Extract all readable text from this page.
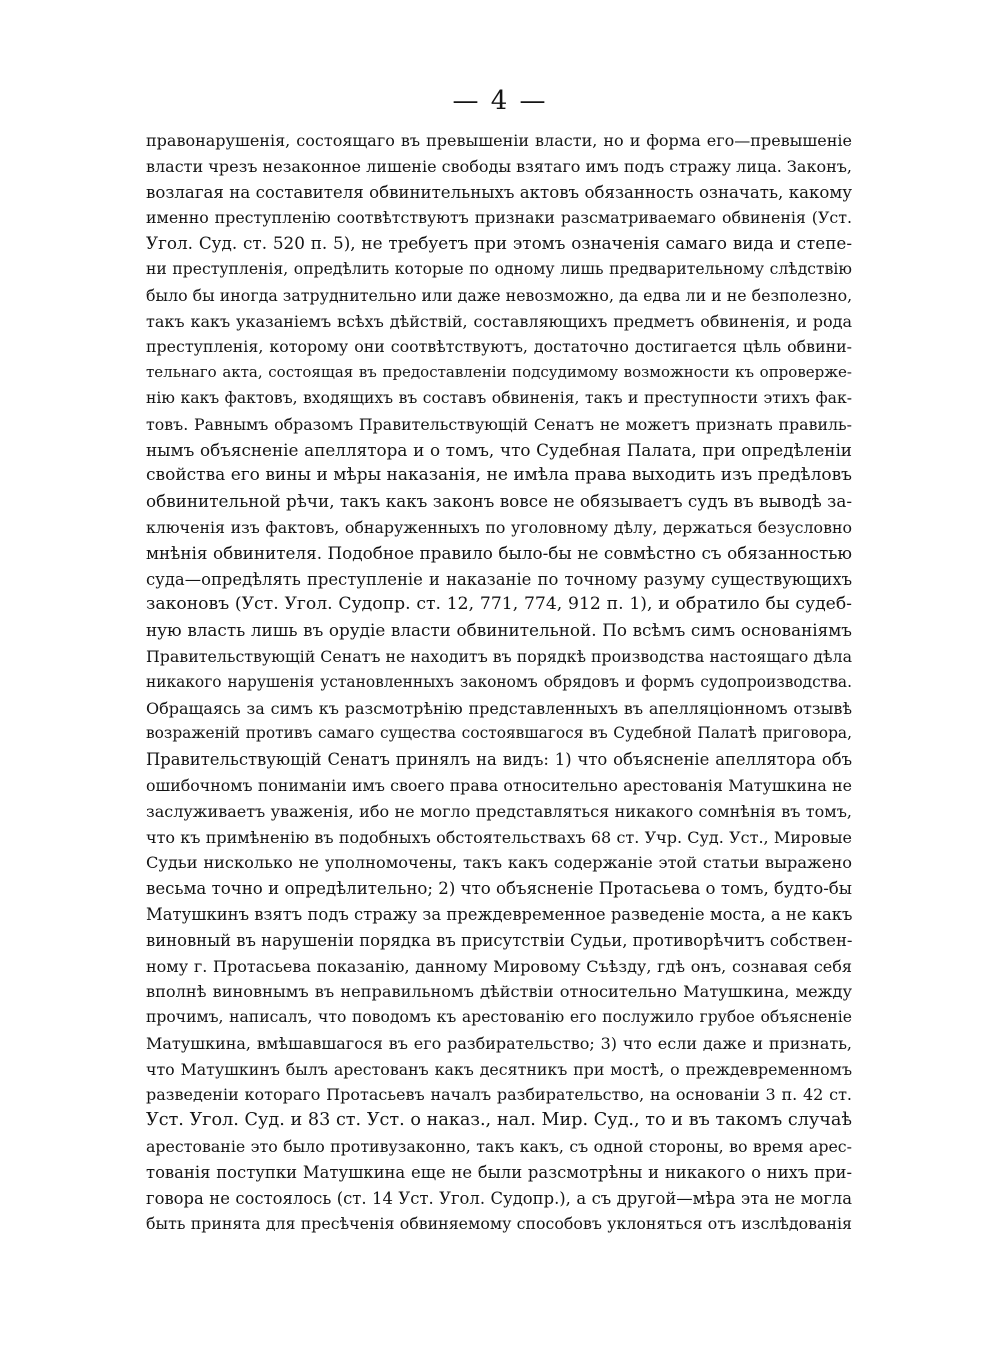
— 4 —
правонарушенія, состоящаго въ превышеніи власти, но и форма его—превышеніе
власти чрезъ незаконное лишеніе свободы взятаго имъ подъ стражу лица. Законъ,
возлагая на составителя обвинительныхъ актовъ обязанность означать, какому
именно преступленію соотвѣтствуютъ признаки разсматриваемаго обвиненія (Уст.
Угол. Суд. ст. 520 п. 5), не требуетъ при этомъ означенія самаго вида и степе-
ни преступленія, опредѣлить которые по одному лишь предварительному слѣдствію
было бы иногда затруднительно или даже невозможно, да едва ли и не безполезно,
такъ какъ указаніемъ всѣхъ дѣйствій, составляющихъ предметъ обвиненія, и рода
преступленія, которому они соотвѣтствуютъ, достаточно достигается цѣль обвини-
тельнаго акта, состоящая въ предоставленіи подсудимому возможности къ опроверже-
нію какъ фактовъ, входящихъ въ составъ обвиненія, такъ и преступности этихъ фак-
товъ. Равнымъ образомъ Правительствующій Сенатъ не можетъ признать правиль-
нымъ объясненіе апеллятора и о томъ, что Судебная Палата, при опредѣленіи
свойства его вины и мѣры наказанія, не имѣла права выходить изъ предѣловъ
обвинительной рѣчи, такъ какъ законъ вовсе не обязываетъ судъ въ выводѣ за-
ключенія изъ фактовъ, обнаруженныхъ по уголовному дѣлу, держаться безусловно
мнѣнія обвинителя. Подобное правило было-бы не совмѣстно съ обязанностью
суда—опредѣлять преступленіе и наказаніе по точному разуму существующихъ
законовъ (Уст. Угол. Судопр. ст. 12, 771, 774, 912 п. 1), и обратило бы судеб-
ную власть лишь въ орудіе власти обвинительной. По всѣмъ симъ основаніямъ
Правительствующій Сенатъ не находитъ въ порядкѣ производства настоящаго дѣла
никакого нарушенія установленныхъ закономъ обрядовъ и формъ судопроизводства.
Обращаясь за симъ къ разсмотрѣнію представленныхъ въ апелляціонномъ отзывѣ
возраженій противъ самаго существа состоявшагося въ Судебной Палатѣ приговора,
Правительствующій Сенатъ принялъ на видъ: 1) что объясненіе апеллятора объ
ошибочномъ пониманіи имъ своего права относительно арестованія Матушкина не
заслуживаетъ уваженія, ибо не могло представляться никакого сомнѣнія въ томъ,
что къ примѣненію въ подобныхъ обстоятельствахъ 68 ст. Учр. Суд. Уст., Мировые
Судьи нисколько не уполномочены, такъ какъ содержаніе этой статьи выражено
весьма точно и опредѣлительно; 2) что объясненіе Протасьева о томъ, будто-бы
Матушкинъ взятъ подъ стражу за преждевременное разведеніе моста, а не какъ
виновный въ нарушеніи порядка въ присутствіи Судьи, противорѣчитъ собствен-
ному г. Протасьева показанію, данному Мировому Съѣзду, гдѣ онъ, сознавая себя
вполнѣ виновнымъ въ неправильномъ дѣйствіи относительно Матушкина, между
прочимъ, написалъ, что поводомъ къ арестованію его послужило грубое объясненіе
Матушкина, вмѣшавшагося въ его разбирательство; 3) что если даже и признать,
что Матушкинъ былъ арестованъ какъ десятникъ при мостѣ, о преждевременномъ
разведеніи котораго Протасьевъ началъ разбирательство, на основаніи 3 п. 42 ст.
Уст. Угол. Суд. и 83 ст. Уст. о наказ., нал. Мир. Суд., то и въ такомъ случаѣ
арестованіе это было противузаконно, такъ какъ, съ одной стороны, во время арес-
тованія поступки Матушкина еще не были разсмотрѣны и никакого о нихъ при-
говора не состоялось (ст. 14 Уст. Угол. Судопр.), а съ другой—мѣра эта не могла
быть принята для пресѣченія обвиняемому способовъ уклоняться отъ изслѣдованія
